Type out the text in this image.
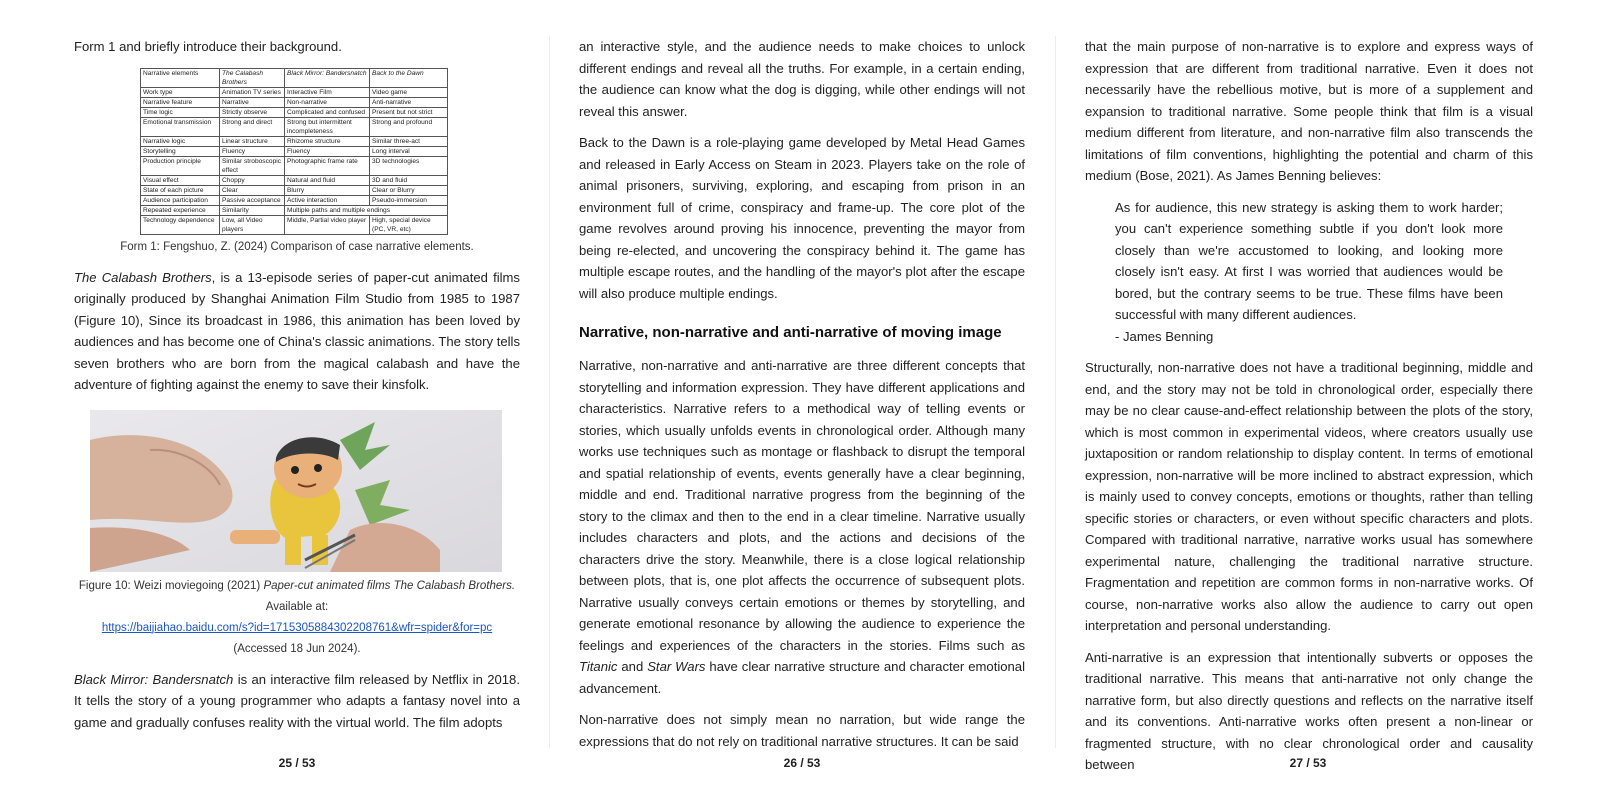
Form 1 and briefly introduce their background.

Narrative elements	The Calabash Brothers	Black Mirror: Bandersnatch	Back to the Dawn
Work type	Animation TV series	Interactive Film	Video game
Narrative feature	Narrative	Non-narrative	Anti-narrative
Time logic	Strictly observe	Complicated and confused	Present but not strict
Emotional transmission	Strong and direct	Strong but intermittent incompleteness	Strong and profound
Narrative logic	Linear structure	Rhizome structure	Similar three-act
Storytelling	Fluency	Fluency	Long interval
Production principle	Similar stroboscopic effect	Photographic frame rate	3D technologies
Visual effect	Choppy	Natural and fluid	3D and fluid
State of each picture	Clear	Blurry	Clear or Blurry
Audience participation	Passive acceptance	Active interaction	Pseudo-immersion
Repeated experience	Similarity	Multiple paths and multiple endings	
Technology dependence	Low, all Video players	Middle, Partial video player	High, special device (PC, VR, etc)
Form 1: Fengshuo, Z. (2024) Comparison of case narrative elements.

The Calabash Brothers, is a 13-episode series of paper-cut animated films originally produced by Shanghai Animation Film Studio from 1985 to 1987 (Figure 10), Since its broadcast in 1986, this animation has been loved by audiences and has become one of China's classic animations. The story tells seven brothers who are born from the magical calabash and have the adventure of fighting against the enemy to save their kinsfolk.

Figure 10: Weizi moviegoing (2021) Paper-cut animated films The Calabash Brothers.
Available at:
https://baijiahao.baidu.com/s?id=1715305884302208761&wfr=spider&for=pc
(Accessed 18 Jun 2024).

Black Mirror: Bandersnatch is an interactive film released by Netflix in 2018. It tells the story of a young programmer who adapts a fantasy novel into a game and gradually confuses reality with the virtual world. The film adopts

25 / 53

an interactive style, and the audience needs to make choices to unlock different endings and reveal all the truths. For example, in a certain ending, the audience can know what the dog is digging, while other endings will not reveal this answer.

Back to the Dawn is a role-playing game developed by Metal Head Games and released in Early Access on Steam in 2023. Players take on the role of animal prisoners, surviving, exploring, and escaping from prison in an environment full of crime, conspiracy and frame-up. The core plot of the game revolves around proving his innocence, preventing the mayor from being re-elected, and uncovering the conspiracy behind it. The game has multiple escape routes, and the handling of the mayor's plot after the escape will also produce multiple endings.

Narrative, non-narrative and anti-narrative of moving image

Narrative, non-narrative and anti-narrative are three different concepts that storytelling and information expression. They have different applications and characteristics. Narrative refers to a methodical way of telling events or stories, which usually unfolds events in chronological order. Although many works use techniques such as montage or flashback to disrupt the temporal and spatial relationship of events, events generally have a clear beginning, middle and end. Traditional narrative progress from the beginning of the story to the climax and then to the end in a clear timeline. Narrative usually includes characters and plots, and the actions and decisions of the characters drive the story. Meanwhile, there is a close logical relationship between plots, that is, one plot affects the occurrence of subsequent plots. Narrative usually conveys certain emotions or themes by storytelling, and generate emotional resonance by allowing the audience to experience the feelings and experiences of the characters in the stories. Films such as Titanic and Star Wars have clear narrative structure and character emotional advancement.

Non-narrative does not simply mean no narration, but wide range the expressions that do not rely on traditional narrative structures. It can be said

26 / 53

that the main purpose of non-narrative is to explore and express ways of expression that are different from traditional narrative. Even it does not necessarily have the rebellious motive, but is more of a supplement and expansion to traditional narrative. Some people think that film is a visual medium different from literature, and non-narrative film also transcends the limitations of film conventions, highlighting the potential and charm of this medium (Bose, 2021). As James Benning believes:

As for audience, this new strategy is asking them to work harder; you can't experience something subtle if you don't look more closely than we're accustomed to looking, and looking more closely isn't easy. At first I was worried that audiences would be bored, but the contrary seems to be true. These films have been successful with many different audiences.
- James Benning

Structurally, non-narrative does not have a traditional beginning, middle and end, and the story may not be told in chronological order, especially there may be no clear cause-and-effect relationship between the plots of the story, which is most common in experimental videos, where creators usually use juxtaposition or random relationship to display content. In terms of emotional expression, non-narrative will be more inclined to abstract expression, which is mainly used to convey concepts, emotions or thoughts, rather than telling specific stories or characters, or even without specific characters and plots. Compared with traditional narrative, narrative works usual has somewhere experimental nature, challenging the traditional narrative structure. Fragmentation and repetition are common forms in non-narrative works. Of course, non-narrative works also allow the audience to carry out open interpretation and personal understanding.

Anti-narrative is an expression that intentionally subverts or opposes the traditional narrative. This means that anti-narrative not only change the narrative form, but also directly questions and reflects on the narrative itself and its conventions. Anti-narrative works often present a non-linear or fragmented structure, with no clear chronological order and causality between	27 / 53
